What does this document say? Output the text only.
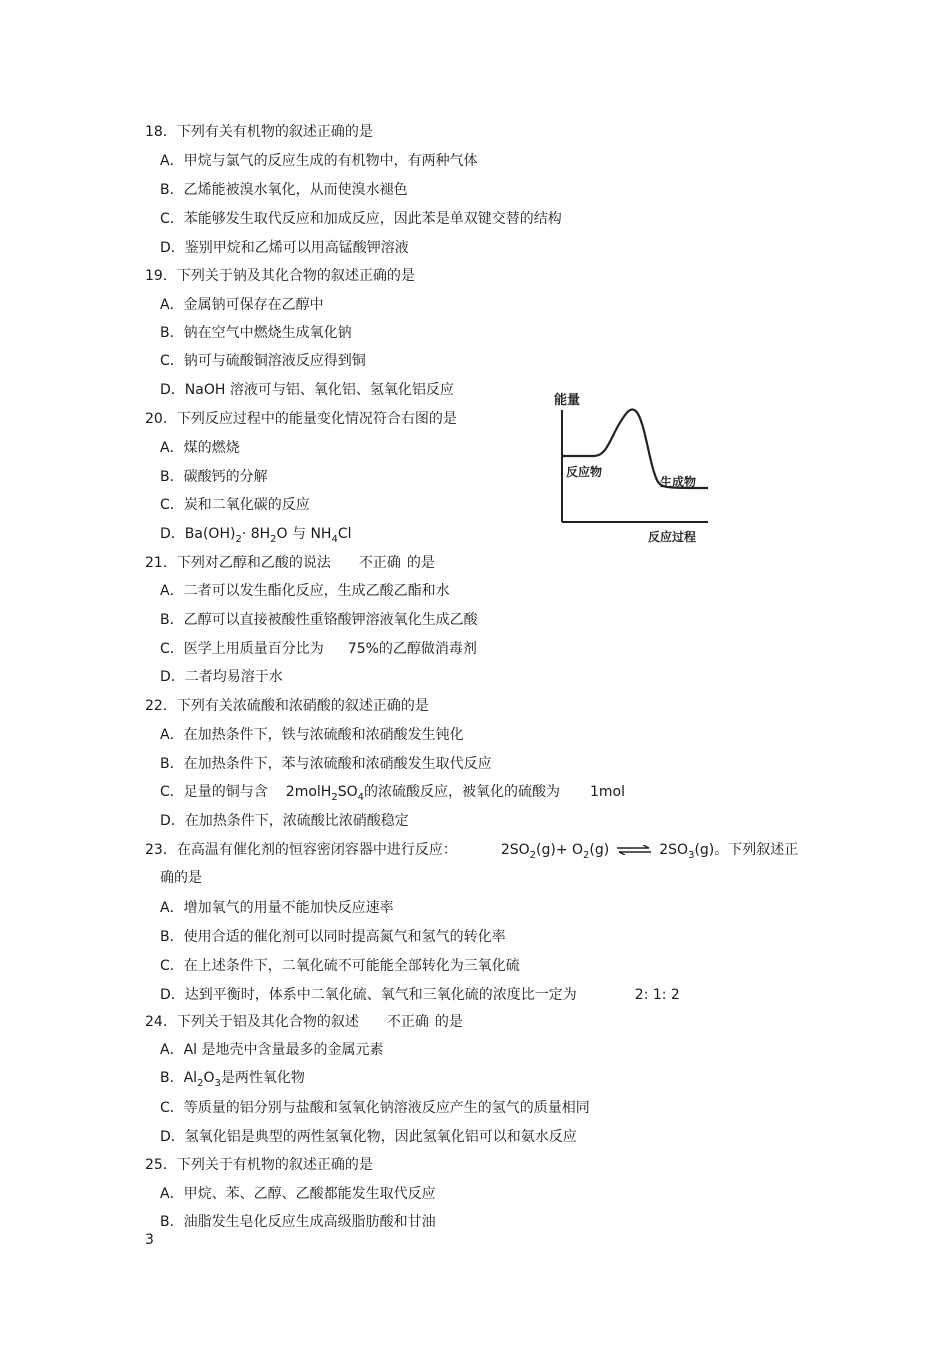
18．下列有关有机物的叙述正确的是
A．甲烷与氯气的反应生成的有机物中，有两种气体
B．乙烯能被溴水氧化，从而使溴水褪色
C．苯能够发生取代反应和加成反应，因此苯是单双键交替的结构
D．鉴别甲烷和乙烯可以用高锰酸钾溶液
19．下列关于钠及其化合物的叙述正确的是
A．金属钠可保存在乙醇中
B．钠在空气中燃烧生成氧化钠
C．钠可与硫酸铜溶液反应得到铜
D．NaOH 溶液可与铝、氧化铝、氢氧化铝反应
20．下列反应过程中的能量变化情况符合右图的是
A．煤的燃烧
B．碳酸钙的分解
C．炭和二氧化碳的反应
D．$Ba(OH)_2\cdot 8H_2O$ 与 $NH_4Cl$
能量
反应物
生成物
反应过程
21．下列对乙醇和乙酸的说法 不正确 的是
A．二者可以发生酯化反应，生成乙酸乙酯和水
B．乙醇可以直接被酸性重铬酸钾溶液氧化生成乙酸
C．医学上用质量百分比为 75%的乙醇做消毒剂
D．二者均易溶于水
22．下列有关浓硫酸和浓硝酸的叙述正确的是
A．在加热条件下，铁与浓硫酸和浓硝酸发生钝化
B．在加热条件下，苯与浓硫酸和浓硝酸发生取代反应
C．足量的铜与含 $2molH_2SO_4$的浓硫酸反应，被氧化的硫酸为 1mol
D．在加热条件下，浓硫酸比浓硝酸稳定
23．在高温有催化剂的恒容密闭容器中进行反应：	$2SO_2(g)+ O_2(g)$ ⇌ $2SO_3(g)$。下列叙述正
确的是
A．增加氧气的用量不能加快反应速率
B．使用合适的催化剂可以同时提高氮气和氢气的转化率
C．在上述条件下，二氧化硫不可能能全部转化为三氧化硫
D．达到平衡时，体系中二氧化硫、氧气和三氧化硫的浓度比一定为	2: 1: 2
24．下列关于铝及其化合物的叙述 不正确 的是
A．Al 是地壳中含量最多的金属元素
B．$Al_2O_3$是两性氧化物
C．等质量的铝分别与盐酸和氢氧化钠溶液反应产生的氢气的质量相同
D．氢氧化铝是典型的两性氢氧化物，因此氢氧化铝可以和氨水反应
25．下列关于有机物的叙述正确的是
A．甲烷、苯、乙醇、乙酸都能发生取代反应
B．油脂发生皂化反应生成高级脂肪酸和甘油
3
